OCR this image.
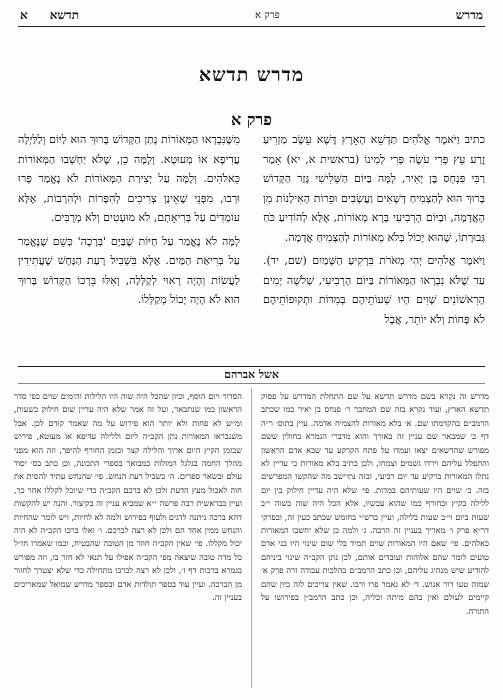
מדרש
פרק א
תדשא
א
מדרש תדשא
פרק א

כתיב וַיֹּאמֶר אֱלֹהִים תַּדְשֵׁא הָאָרֶץ דֶּשֶׁא עֵשֶׂב מַזְרִיעַ זֶרַע עֵץ פְּרִי עֹשֶׂה פְּרִי לְמִינוֹ (בראשית א, יא) אָמַר רַבִּי פִּנְחָס בֶּן יָאִיר, לָמָּה בַּיּוֹם הַשְּׁלִישִׁי גָּזַר הַקָּדוֹשׁ בָּרוּךְ הוּא לְהַצְמִיחַ דְּשָׁאִים וַעֲשָׂבִים וּפֵרוֹת הָאִילָנוֹת מִן הָאֲדָמָה, וּבַיּוֹם הָרְבִיעִי בָּרָא מְאוֹרוֹת, אֶלָּא לְהוֹדִיעַ כֹּחַ גְּבוּרָתוֹ, שֶׁהוּא יָכוֹל בְּלֹא מְאוֹרוֹת לְהַצְמִיחַ אֲדָמָה.

וַיֹּאמֶר אֱלֹהִים יְהִי מְאֹרֹת בִּרְקִיעַ הַשָּׁמַיִם (שם, יד). עַד שֶׁלֹּא נִבְרְאוּ הַמְּאוֹרוֹת בַּיּוֹם הָרְבִיעִי, שְׁלֹשָׁה יָמִים הָרִאשׁוֹנִים שָׁוִים הָיוּ שְׁעוֹתֵיהֶם בְּמִדּוֹת וּתְקוּפוֹתֵיהֶם לֹא פָּחוֹת וְלֹא יוֹתֵר, אֲבָל

מִשֶּׁנִּבְרְאוּ הַמְּאוֹרוֹת נָתַן הַקָּדוֹשׁ בָּרוּךְ הוּא לַיּוֹם וְלַלַּיְלָה עֲדִיפָא אוֹ מְעוּטָא. וְלָמָּה כֵן, שֶׁלֹּא יַחְשְׁבוּ הַמְּאוֹרוֹת כֵּאלֹהִים. וְלָמָּה עַל יְצִירַת הַמְּאוֹרוֹת לֹא נֶאֱמַר פְּרוּ וּרְבוּ, מִפְּנֵי שֶׁאֵינָן צְרִיכִים לְהִפָּרוֹת וּלְהִרָבוֹת, אֶלָּא עוֹמְדִים עַל בְּרִיאָתָם, לֹא מוּעָטִים וְלֹא מְרֻבִּים.

לָמָּה לֹא נֶאֱמַר עַל חַיּוֹת שֶׁבַּיָּם 'בְּרָכָה' כְּשֵׁם שֶׁנֶּאֱמַר עַל בְּרִיאַת הַמַּיִם. אֶלָּא בִּשְׁבִיל רָעַת הַנָּחָשׁ שֶׁעֲתִידִין לַעֲשׂוֹת וְהָיָה רָאוּי לְקַלְּלָה, וְאִלּוּ בֵּרְכוֹ הַקָּדוֹשׁ בָּרוּךְ הוּא לֹא הָיָה יָכוֹל מְקַלְּלוֹ.

אשל אברהם
מדרש זה נקרא בשם מדרש תדשא על שם התחלת המדרש על פסוק תדשא הארץ, ועוד נקרא בזה שם המחבר ר׳ פנחס בן יאיר כמו שכתב הרמב״ם בהקדמתו שם. א׳ בלא מאורות להצמיח אדמה. עיין בתוס׳ ר״ה דף כ׳ שמבאר שם עניין זה באורך והוא מדברי הגמרא בחולין ששם מפורש שהדשאים יצאו ועמדו על פתח הקרקע עד שבא אדם הראשון והתפלל עליהם וירדו גשמים וצמחו, ולכן כתיב בלא מאורות כי עדיין לא נתלו המאורות ברקיע עד יום רביעי, ובזה נתיישב מה שהקשו המפרשים בזה. ב׳ שוים היו שעותיהם במדות. פי׳ שלא היה עדיין חילוק בין יום ללילה בקיץ ובחורף כמו שהוא עכשיו, אלא הכל היה שוה בשוה י״ב שעות ביום וי״ב שעות בלילה, ועיין ברש״י בחומש שכתב כעין זה, ובפרקי דר״א פרק ו׳ מאריך בעניין זה הרבה. ג׳ ולמה כן שלא יחשבו המאורות כאלהים. פי׳ שאם היו המאורות שוים תמיד בלי שום שינוי היו בני אדם טועים לומר שהם אלוהות ועובדים אותם, לכן נתן הקב״ה שינוי ביניהם להודיע שיש מנהיג עליהם, וכן כתב הרמב״ם בהלכות עבודה זרה פרק א׳ שמזה טעו דור אנוש. ד׳ לא נאמר פרו ורבו. שאין צריכים לזה כיון שהם קיימים לעולם ואין בהם מיתה וכליה, וכן כתב הרמב״ן בפירושו על התורה.
הסדור ויום הוסף, וכיון שהכל היה שוה היו הלילות והימים שוים כפי סדר הראשון כמו שנתבאר, ועל זה אמר שלא היה עדיין שום חילוק בשעות, ומ״ש לא פחות ולא יותר הוא פירוש על מה שאמר קודם לכן. אבל משנבראו המאורות נתן הקב״ה ליום וללילה עדיפא או מעוטא, פירוש שבזמן הקיץ היום ארוך והלילה קצר ובזמן החורף להיפך, וזה הוא מפני מהלך החמה בגלגל המזלות כמבואר בספרי התכונה, וכן כתב בס׳ יסוד עולם ובשאר ספרים. ה׳ בשביל רעת הנחש. פי׳ שהנחש עתיד להסית את חוה לאכול מעץ הדעת ולכן לא ברכם הקב״ה כדי שיוכל לקללו אחר כך, ועיין בבראשית רבה פרשה י״א שמביא עניין זה בקיצור. והנה יש להקשות דהא ברכה ניתנה לדגים ולעוף בפירוש ולמה לא לחיות, ויש לומר שהחיות והנחש ממין אחד הם ולכן לא רצה לברכם. ו׳ ואלו ברכו הקב״ה לא היה יכול מקללו. פי׳ שאין הקב״ה חוזר מן הטובה שהבטיח, וכמו שאמרו חז״ל כל מדה טובה שיצאה מפי הקב״ה אפילו על תנאי לא חזר בו, וזה מפורש בגמרא ברכות דף ז׳, ולכן לא רצה לברכו מתחילה כדי שלא יצטרך לחזור מן הברכה. ועיין עוד בספר תולדות אדם ובספר מדרש שמואל שמאריכים בעניין זה.
